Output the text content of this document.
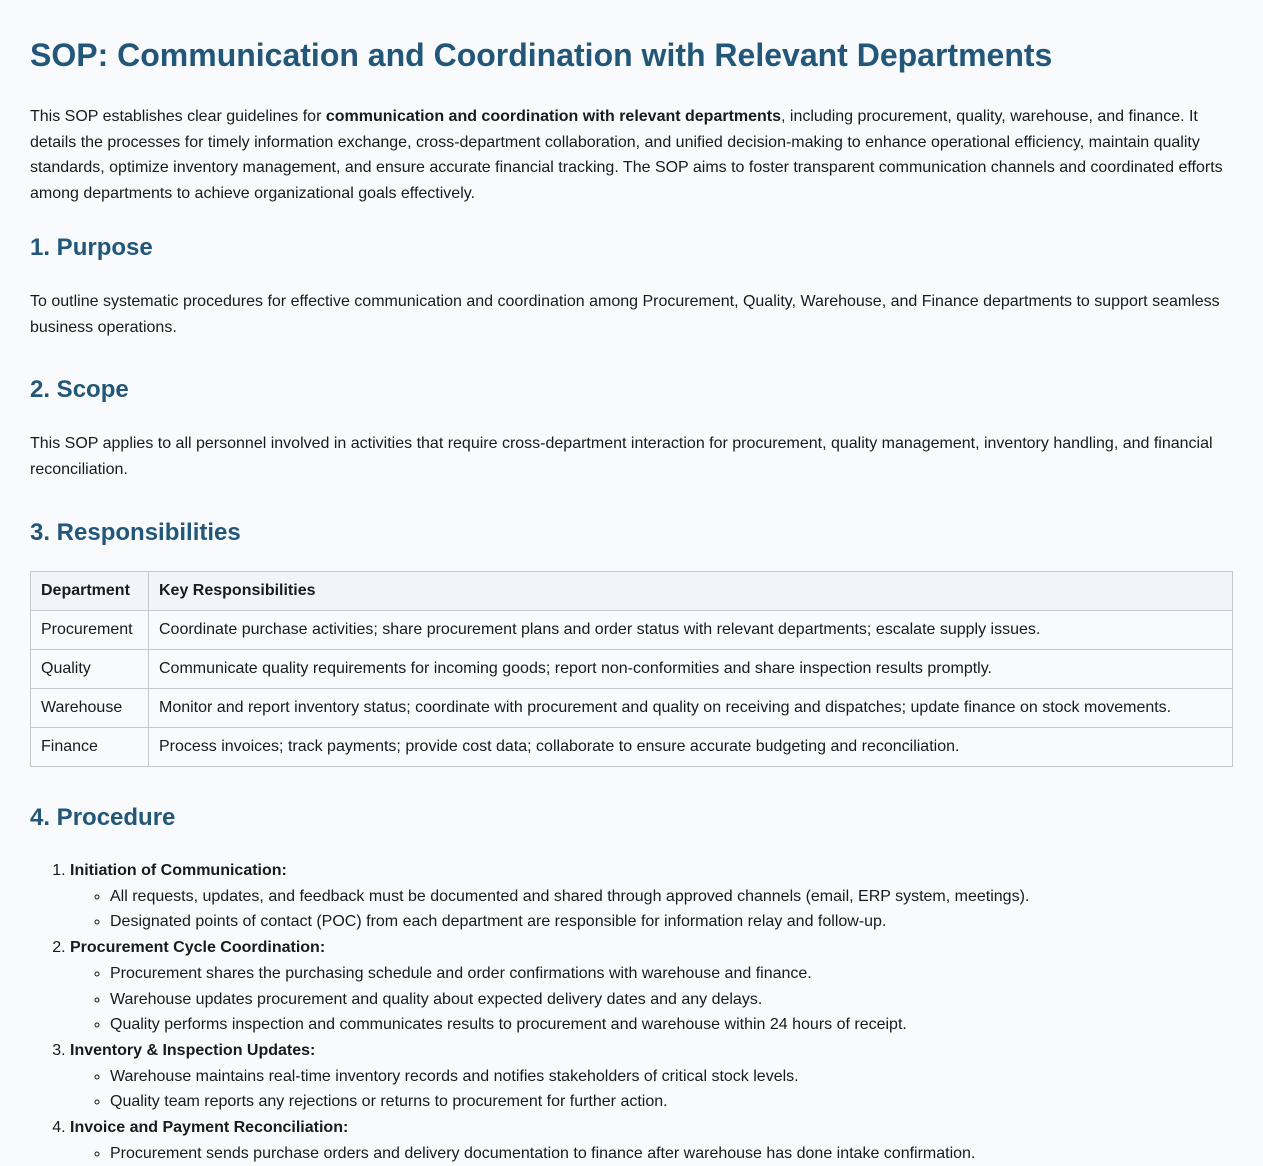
SOP: Communication and Coordination with Relevant Departments

This SOP establishes clear guidelines for communication and coordination with relevant departments, including procurement, quality, warehouse, and finance. It details the processes for timely information exchange, cross-department collaboration, and unified decision-making to enhance operational efficiency, maintain quality standards, optimize inventory management, and ensure accurate financial tracking. The SOP aims to foster transparent communication channels and coordinated efforts among departments to achieve organizational goals effectively.

1. Purpose

To outline systematic procedures for effective communication and coordination among Procurement, Quality, Warehouse, and Finance departments to support seamless business operations.

2. Scope

This SOP applies to all personnel involved in activities that require cross-department interaction for procurement, quality management, inventory handling, and financial reconciliation.

3. Responsibilities
Department	Key Responsibilities
Procurement	Coordinate purchase activities; share procurement plans and order status with relevant departments; escalate supply issues.
Quality	Communicate quality requirements for incoming goods; report non-conformities and share inspection results promptly.
Warehouse	Monitor and report inventory status; coordinate with procurement and quality on receiving and dispatches; update finance on stock movements.
Finance	Process invoices; track payments; provide cost data; collaborate to ensure accurate budgeting and reconciliation.
4. Procedure
1. Initiation of Communication:
◦ All requests, updates, and feedback must be documented and shared through approved channels (email, ERP system, meetings).
◦ Designated points of contact (POC) from each department are responsible for information relay and follow-up.
2. Procurement Cycle Coordination:
◦ Procurement shares the purchasing schedule and order confirmations with warehouse and finance.
◦ Warehouse updates procurement and quality about expected delivery dates and any delays.
◦ Quality performs inspection and communicates results to procurement and warehouse within 24 hours of receipt.
3. Inventory & Inspection Updates:
◦ Warehouse maintains real-time inventory records and notifies stakeholders of critical stock levels.
◦ Quality team reports any rejections or returns to procurement for further action.
4. Invoice and Payment Reconciliation:
◦ Procurement sends purchase orders and delivery documentation to finance after warehouse has done intake confirmation.
